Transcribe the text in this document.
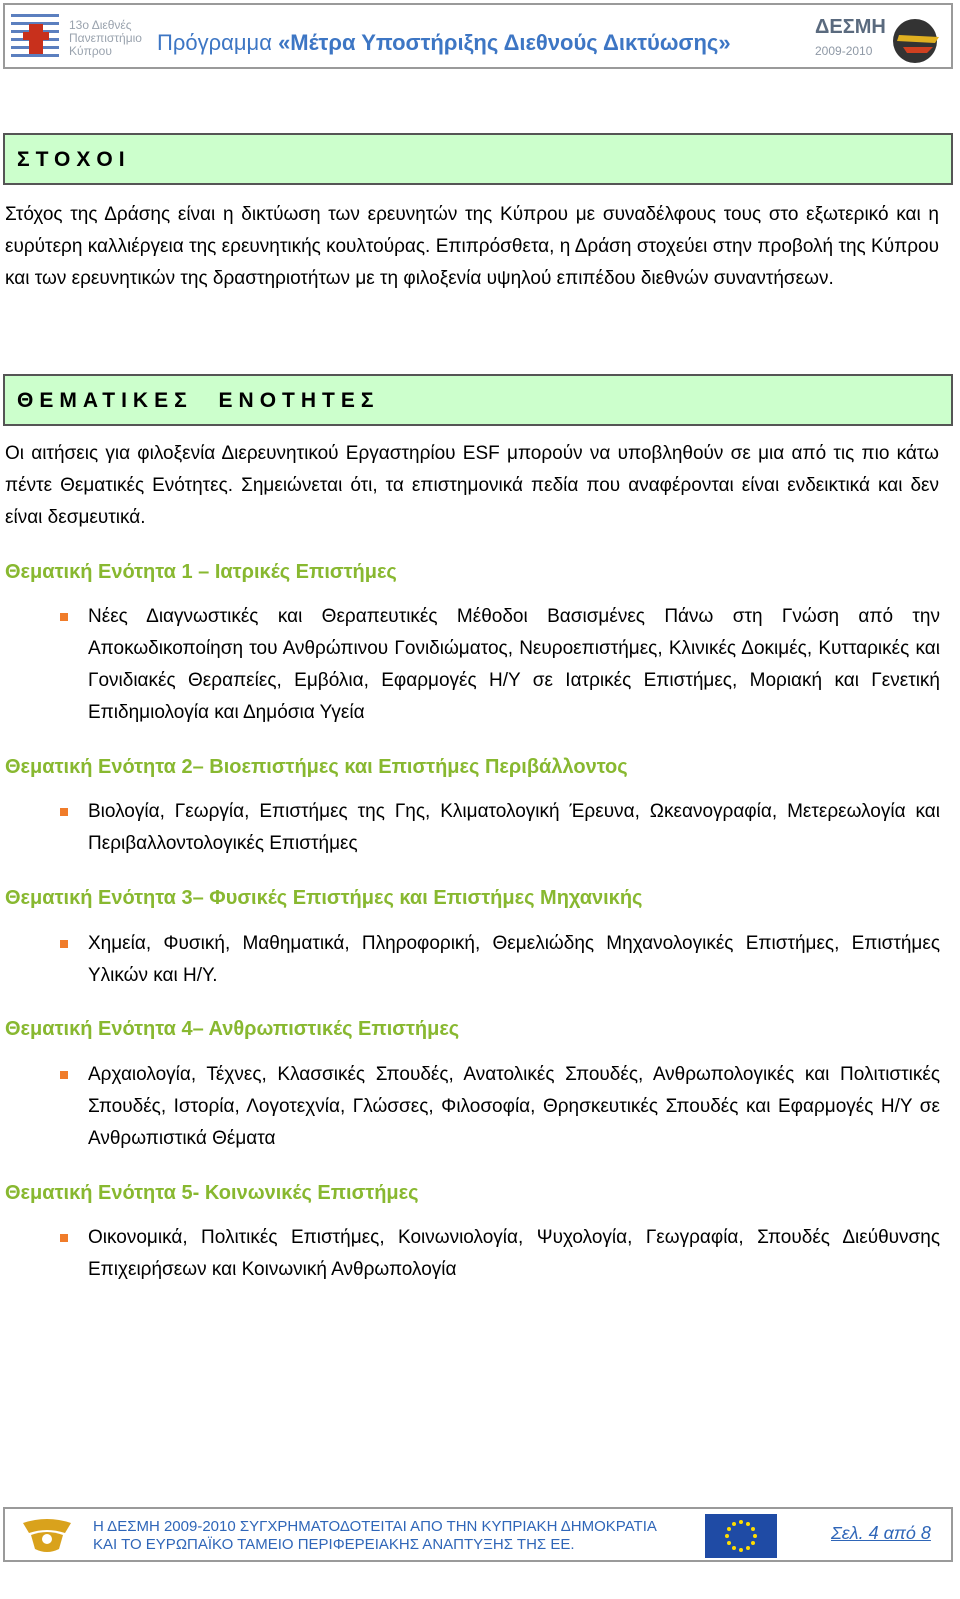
13ο Διεθνές
Πανεπιστήμιο
Κύπρου	Πρόγραμμα «Μέτρα Υποστήριξης Διεθνούς Δικτύωσης»
ΔΕΣΜΗ
2009-2010
ΣΤΟΧΟΙ
Στόχος της Δράσης είναι η δικτύωση των ερευνητών της Κύπρου με συναδέλφους τους στο εξωτερικό και η ευρύτερη καλλιέργεια της ερευνητικής κουλτούρας. Επιπρόσθετα, η Δράση στοχεύει στην προβολή της Κύπρου και των ερευνητικών της δραστηριοτήτων με τη φιλοξενία υψηλού επιπέδου διεθνών συναντήσεων.
ΘΕΜΑΤΙΚΕΣ ΕΝΟΤΗΤΕΣ
Οι αιτήσεις για φιλοξενία Διερευνητικού Εργαστηρίου ESF μπορούν να υποβληθούν σε μια από τις πιο κάτω πέντε Θεματικές Ενότητες. Σημειώνεται ότι, τα επιστημονικά πεδία που αναφέρονται είναι ενδεικτικά και δεν είναι δεσμευτικά.
Θεματική Ενότητα 1 – Ιατρικές Επιστήμες
Νέες Διαγνωστικές και Θεραπευτικές Μέθοδοι Βασισμένες Πάνω στη Γνώση από την Αποκωδικοποίηση του Ανθρώπινου Γονιδιώματος, Νευροεπιστήμες, Κλινικές Δοκιμές, Κυτταρικές και Γονιδιακές Θεραπείες, Εμβόλια, Εφαρμογές Η/Υ σε Ιατρικές Επιστήμες, Μοριακή και Γενετική Επιδημιολογία και Δημόσια Υγεία
Θεματική Ενότητα 2– Βιοεπιστήμες και Επιστήμες Περιβάλλοντος
Βιολογία, Γεωργία, Επιστήμες της Γης, Κλιματολογική Έρευνα, Ωκεανογραφία, Μετερεωλογία και Περιβαλλοντολογικές Επιστήμες
Θεματική Ενότητα 3– Φυσικές Επιστήμες και Επιστήμες Μηχανικής
Χημεία, Φυσική, Μαθηματικά, Πληροφορική, Θεμελιώδης Μηχανολογικές Επιστήμες, Επιστήμες Υλικών και Η/Υ.
Θεματική Ενότητα 4– Ανθρωπιστικές Επιστήμες
Αρχαιολογία, Τέχνες, Κλασσικές Σπουδές, Ανατολικές Σπουδές, Ανθρωπολογικές και Πολιτιστικές Σπουδές, Ιστορία, Λογοτεχνία, Γλώσσες, Φιλοσοφία, Θρησκευτικές Σπουδές και Εφαρμογές Η/Υ σε Ανθρωπιστικά Θέματα
Θεματική Ενότητα 5- Κοινωνικές Επιστήμες
Οικονομικά, Πολιτικές Επιστήμες, Κοινωνιολογία, Ψυχολογία, Γεωγραφία, Σπουδές Διεύθυνσης Επιχειρήσεων και Κοινωνική Ανθρωπολογία
Η ΔΕΣΜΗ 2009-2010 ΣΥΓΧΡΗΜΑΤΟΔΟΤΕΙΤΑΙ ΑΠΟ ΤΗΝ ΚΥΠΡΙΑΚΗ ΔΗΜΟΚΡΑΤΙΑ
ΚΑΙ ΤΟ ΕΥΡΩΠΑΪΚΟ ΤΑΜΕΙΟ ΠΕΡΙΦΕΡΕΙΑΚΗΣ ΑΝΑΠΤΥΞΗΣ ΤΗΣ ΕΕ.
Σελ. 4 από 8
